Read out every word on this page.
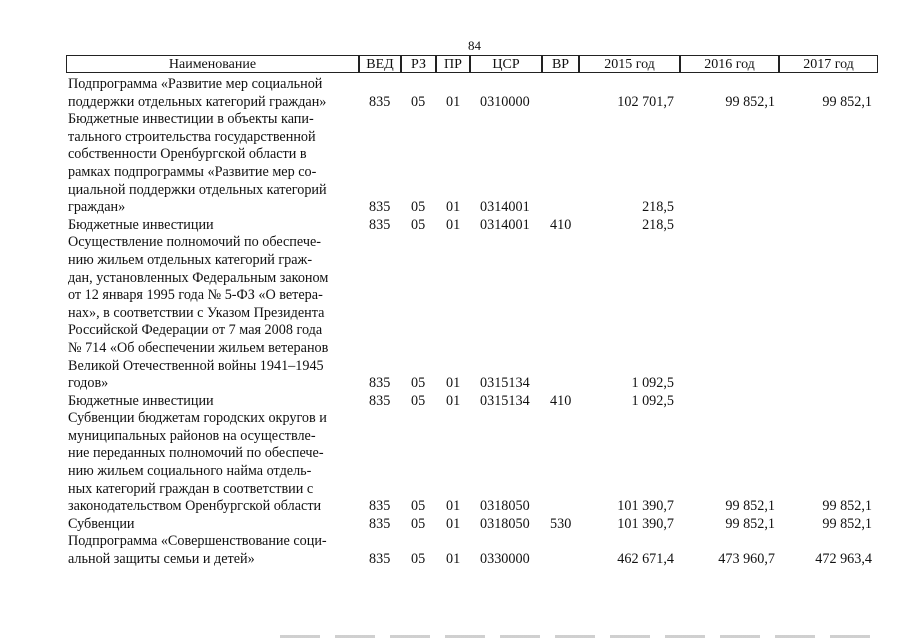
84
Наименование	ВЕД	РЗ	ПР	ЦСР	ВР	2015 год	2016 год	2017 год
Подпрограмма «Развитие мер социальной
поддержки отдельных категорий граждан»	835 05 01 0310000	102 701,7	99 852,1	99 852,1
Бюджетные инвестиции в объекты капи-
тального строительства государственной
собственности Оренбургской области в
рамках подпрограммы «Развитие мер со-
циальной поддержки отдельных категорий
граждан»	835 05 01 0314001	218,5
Бюджетные инвестиции	835 05 01 0314001 410	218,5
Осуществление полномочий по обеспече-
нию жильем отдельных категорий граж-
дан, установленных Федеральным законом
от 12 января 1995 года № 5-ФЗ «О ветера-
нах», в соответствии с Указом Президента
Российской Федерации от 7 мая 2008 года
№ 714 «Об обеспечении жильем ветеранов
Великой Отечественной войны 1941–1945
годов»	835 05 01 0315134	1 092,5
Бюджетные инвестиции	835 05 01 0315134 410	1 092,5
Субвенции бюджетам городских округов и
муниципальных районов на осуществле-
ние переданных полномочий по обеспече-
нию жильем социального найма отдель-
ных категорий граждан в соответствии с
законодательством Оренбургской области	835 05 01 0318050	101 390,7	99 852,1	99 852,1
Субвенции	835 05 01 0318050 530	101 390,7	99 852,1	99 852,1
Подпрограмма «Совершенствование соци-
альной защиты семьи и детей»	835 05 01 0330000	462 671,4	473 960,7	472 963,4
